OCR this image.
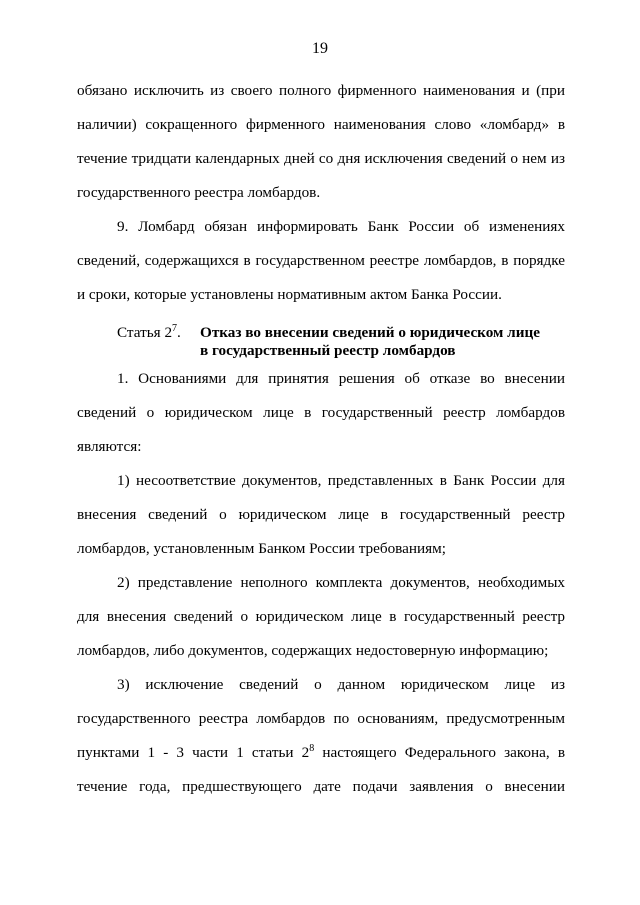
19
обязано исключить из своего полного фирменного наименования и (при
наличии) сокращенного фирменного наименования слово «ломбард» в
течение тридцати календарных дней со дня исключения сведений о нем из
государственного реестра ломбардов.
9. Ломбард обязан информировать Банк России об изменениях
сведений, содержащихся в государственном реестре ломбардов, в порядке
и сроки, которые установлены нормативным актом Банка России.
Статья $2^7$. Отказ во внесении сведений о юридическом лице
в государственный реестр ломбардов
1. Основаниями для принятия решения об отказе во внесении
сведений о юридическом лице в государственный реестр ломбардов
являются:
1) несоответствие документов, представленных в Банк России для
внесения сведений о юридическом лице в государственный реестр
ломбардов, установленным Банком России требованиям;
2) представление неполного комплекта документов, необходимых
для внесения сведений о юридическом лице в государственный реестр
ломбардов, либо документов, содержащих недостоверную информацию;
3) исключение сведений о данном юридическом лице из
государственного реестра ломбардов по основаниям, предусмотренным
пунктами 1 - 3 части 1 статьи $2^8$ настоящего Федерального закона, в
течение года, предшествующего дате подачи заявления о внесении
